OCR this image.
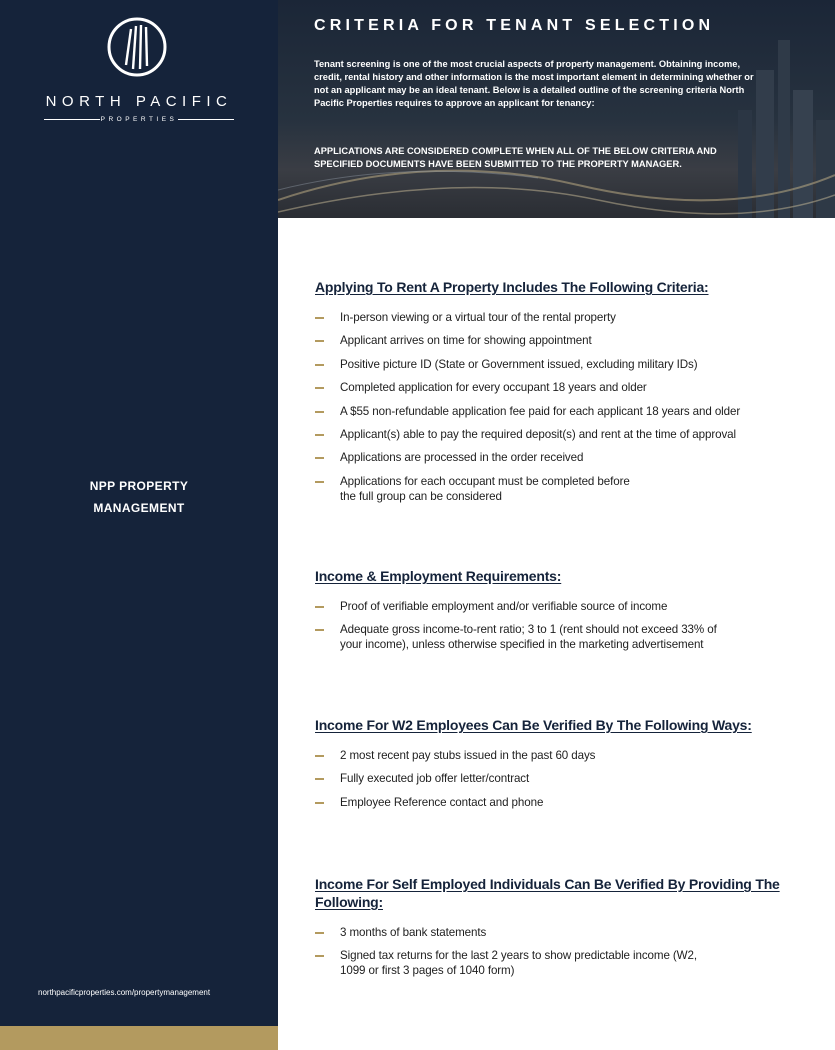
NORTH PACIFIC
PROPERTIES
NPP PROPERTY
MANAGEMENT
northpacificproperties.com/propertymanagement
CRITERIA FOR TENANT SELECTION
Tenant screening is one of the most crucial aspects of property management. Obtaining income, credit, rental history and other information is the most important element in determining whether or not an applicant may be an ideal tenant. Below is a detailed outline of the screening criteria North Pacific Properties requires to approve an applicant for tenancy:
APPLICATIONS ARE CONSIDERED COMPLETE WHEN ALL OF THE BELOW CRITERIA AND SPECIFIED DOCUMENTS HAVE BEEN SUBMITTED TO THE PROPERTY MANAGER.
Applying To Rent A Property Includes The Following Criteria:
In-person viewing or a virtual tour of the rental property
Applicant arrives on time for showing appointment
Positive picture ID (State or Government issued, excluding military IDs)
Completed application for every occupant 18 years and older
A $55 non-refundable application fee paid for each applicant 18 years and older
Applicant(s) able to pay the required deposit(s) and rent at the time of approval
Applications are processed in the order received
Applications for each occupant must be completed before the full group can be considered
Income & Employment Requirements:
Proof of verifiable employment and/or verifiable source of income
Adequate gross income-to-rent ratio; 3 to 1 (rent should not exceed 33% of your income), unless otherwise specified in the marketing advertisement
Income For W2 Employees Can Be Verified By The Following Ways:
2 most recent pay stubs issued in the past 60 days
Fully executed job offer letter/contract
Employee Reference contact and phone
Income For Self Employed Individuals Can Be Verified By Providing The Following:
3 months of bank statements
Signed tax returns for the last 2 years to show predictable income (W2, 1099 or first 3 pages of 1040 form)
